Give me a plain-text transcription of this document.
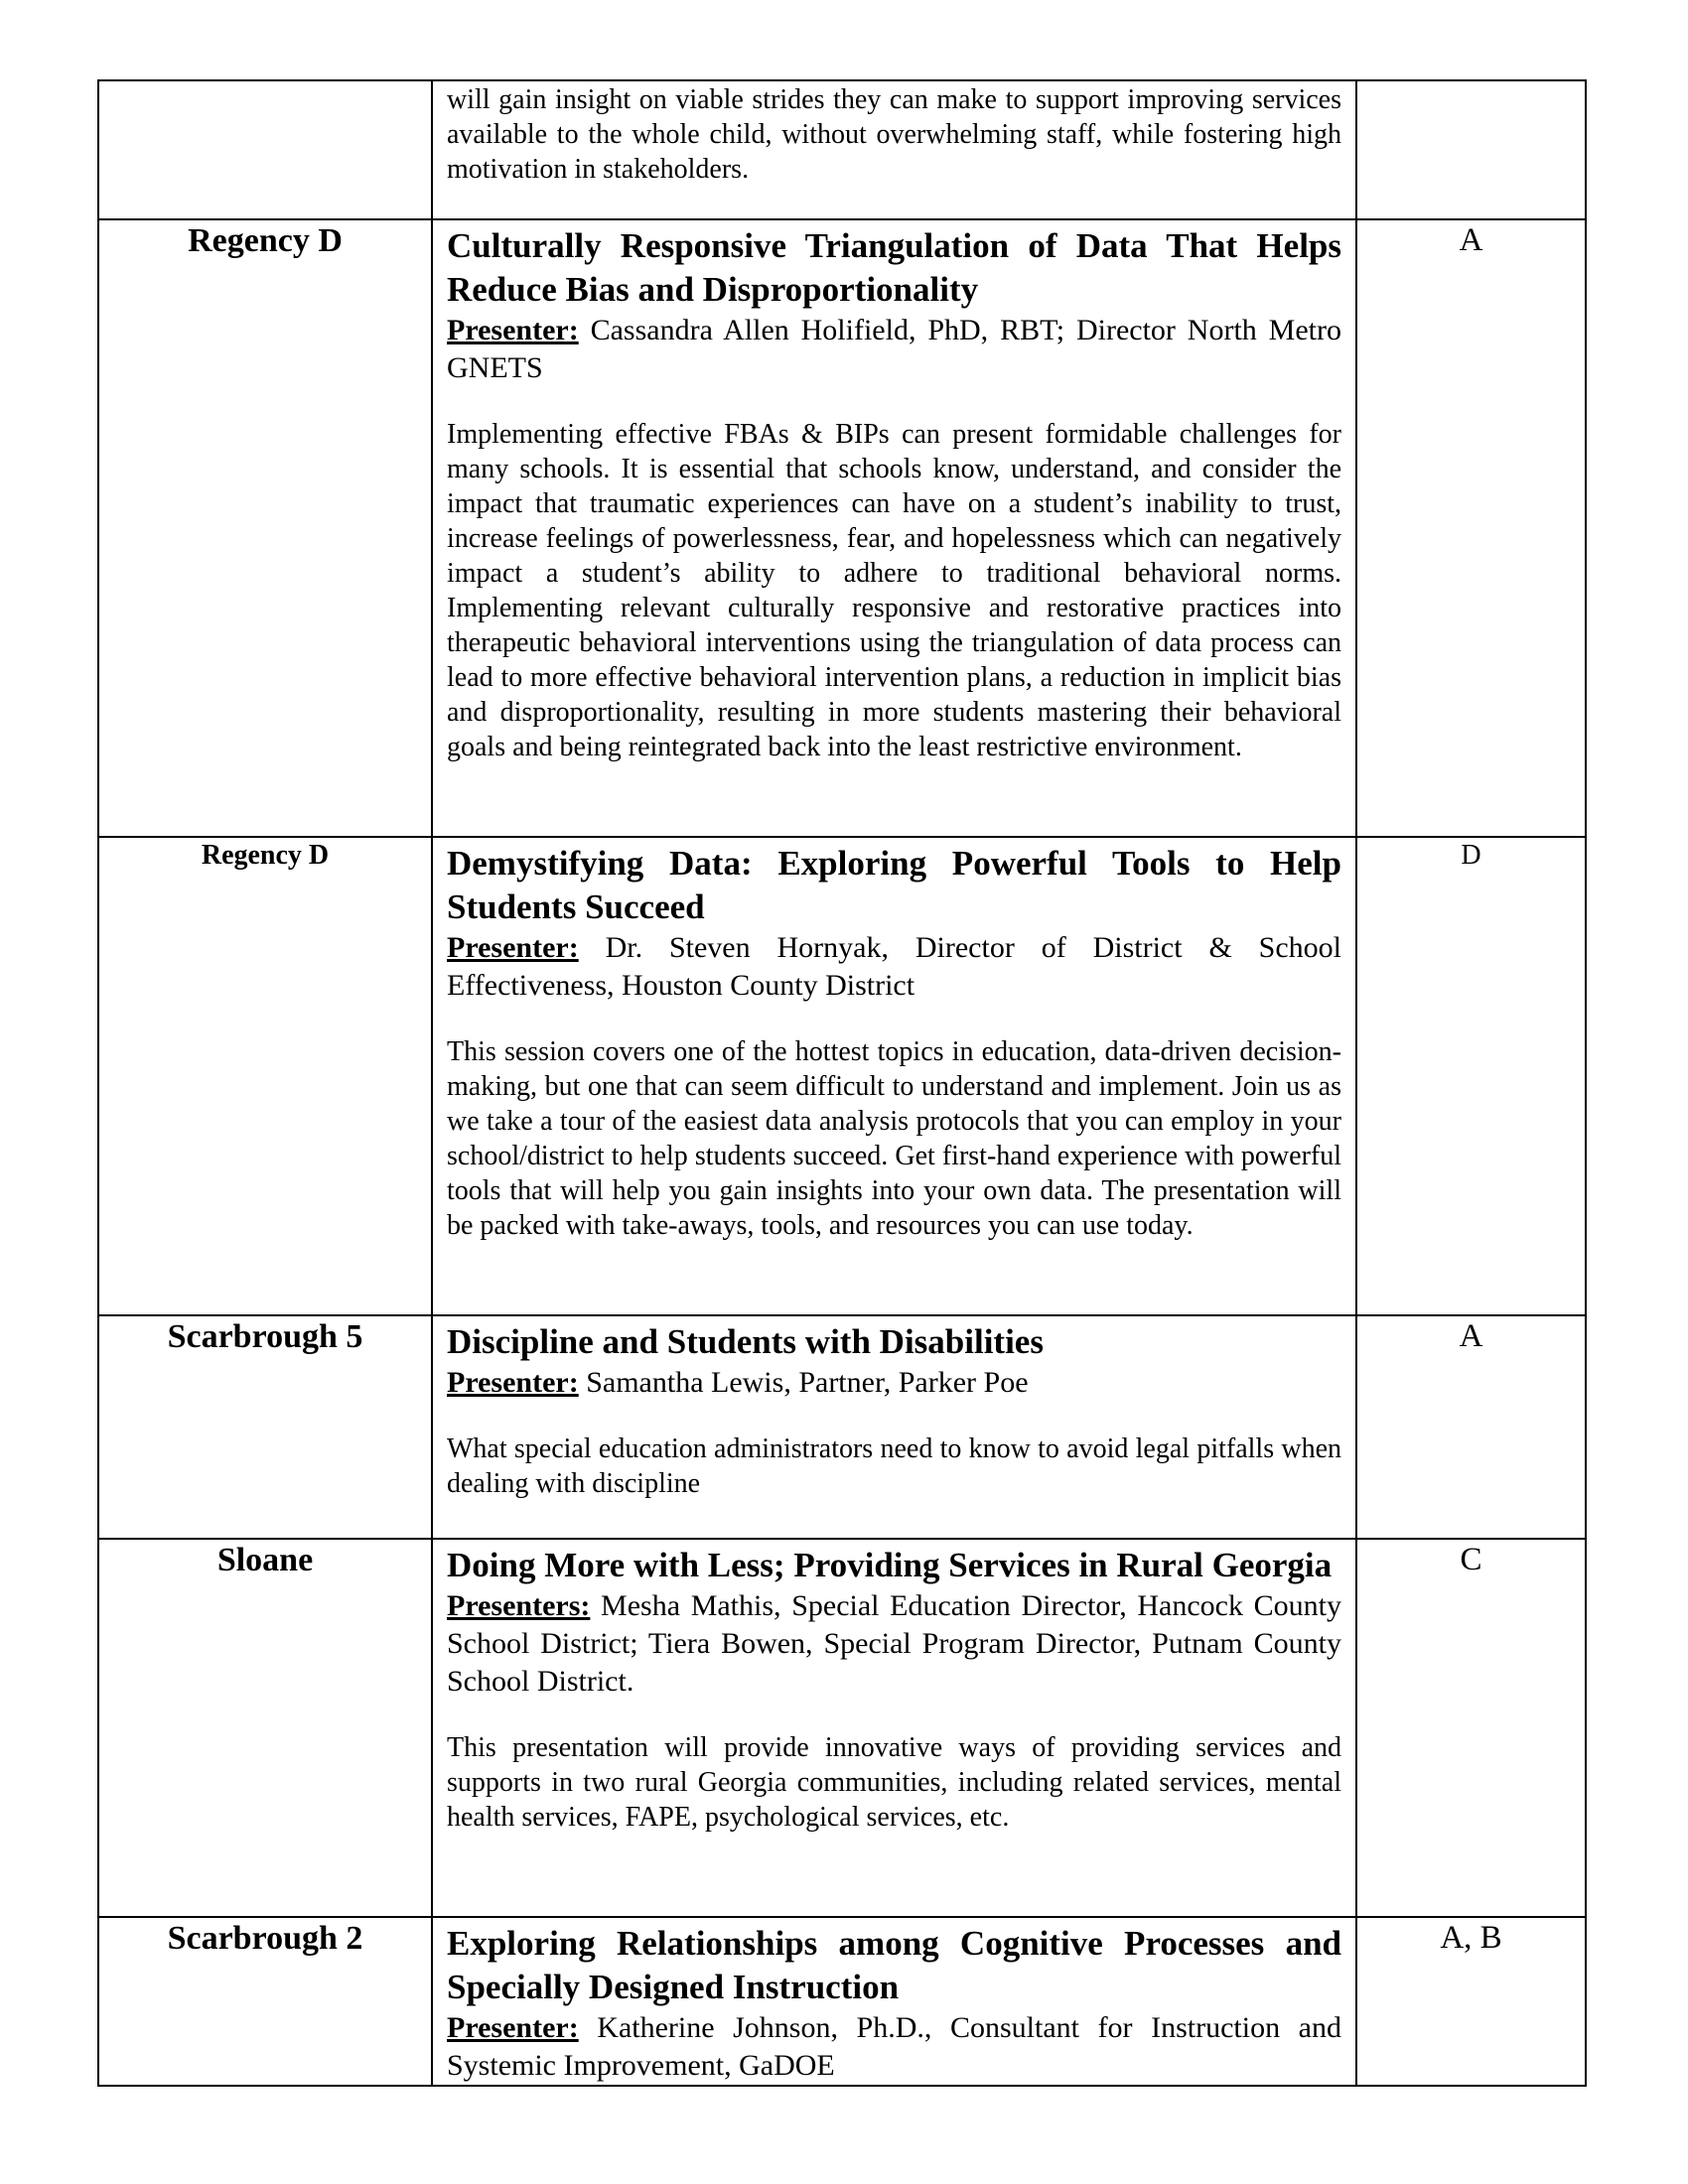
	will gain insight on viable strides they can make to support improving services available to the whole child, without overwhelming staff, while fostering high motivation in stakeholders.	

Regency D	Culturally Responsive Triangulation of Data That Helps Reduce Bias and Disproportionality
Presenter: Cassandra Allen Holifield, PhD, RBT; Director North Metro GNETS
Implementing effective FBAs & BIPs can present formidable challenges for many schools. It is essential that schools know, understand, and consider the impact that traumatic experiences can have on a student’s inability to trust, increase feelings of powerlessness, fear, and hopelessness which can negatively impact a student’s ability to adhere to traditional behavioral norms. Implementing relevant culturally responsive and restorative practices into therapeutic behavioral interventions using the triangulation of data process can lead to more effective behavioral intervention plans, a reduction in implicit bias and disproportionality, resulting in more students mastering their behavioral goals and being reintegrated back into the least restrictive environment.	A
Regency D	Demystifying Data: Exploring Powerful Tools to Help Students Succeed
Presenter: Dr. Steven Hornyak, Director of District & School Effectiveness, Houston County District
This session covers one of the hottest topics in education, data-driven decision-making, but one that can seem difficult to understand and implement. Join us as we take a tour of the easiest data analysis protocols that you can employ in your school/district to help students succeed. Get first-hand experience with powerful tools that will help you gain insights into your own data. The presentation will be packed with take-aways, tools, and resources you can use today.	D
Scarbrough 5	Discipline and Students with Disabilities
Presenter: Samantha Lewis, Partner, Parker Poe
What special education administrators need to know to avoid legal pitfalls when dealing with discipline	A
Sloane	Doing More with Less; Providing Services in Rural Georgia
Presenters: Mesha Mathis, Special Education Director, Hancock County School District; Tiera Bowen, Special Program Director, Putnam County School District.
This presentation will provide innovative ways of providing services and supports in two rural Georgia communities, including related services, mental health services, FAPE, psychological services, etc.	C
Scarbrough 2	Exploring Relationships among Cognitive Processes and Specially Designed Instruction
Presenter: Katherine Johnson, Ph.D., Consultant for Instruction and Systemic Improvement, GaDOE	A, B
